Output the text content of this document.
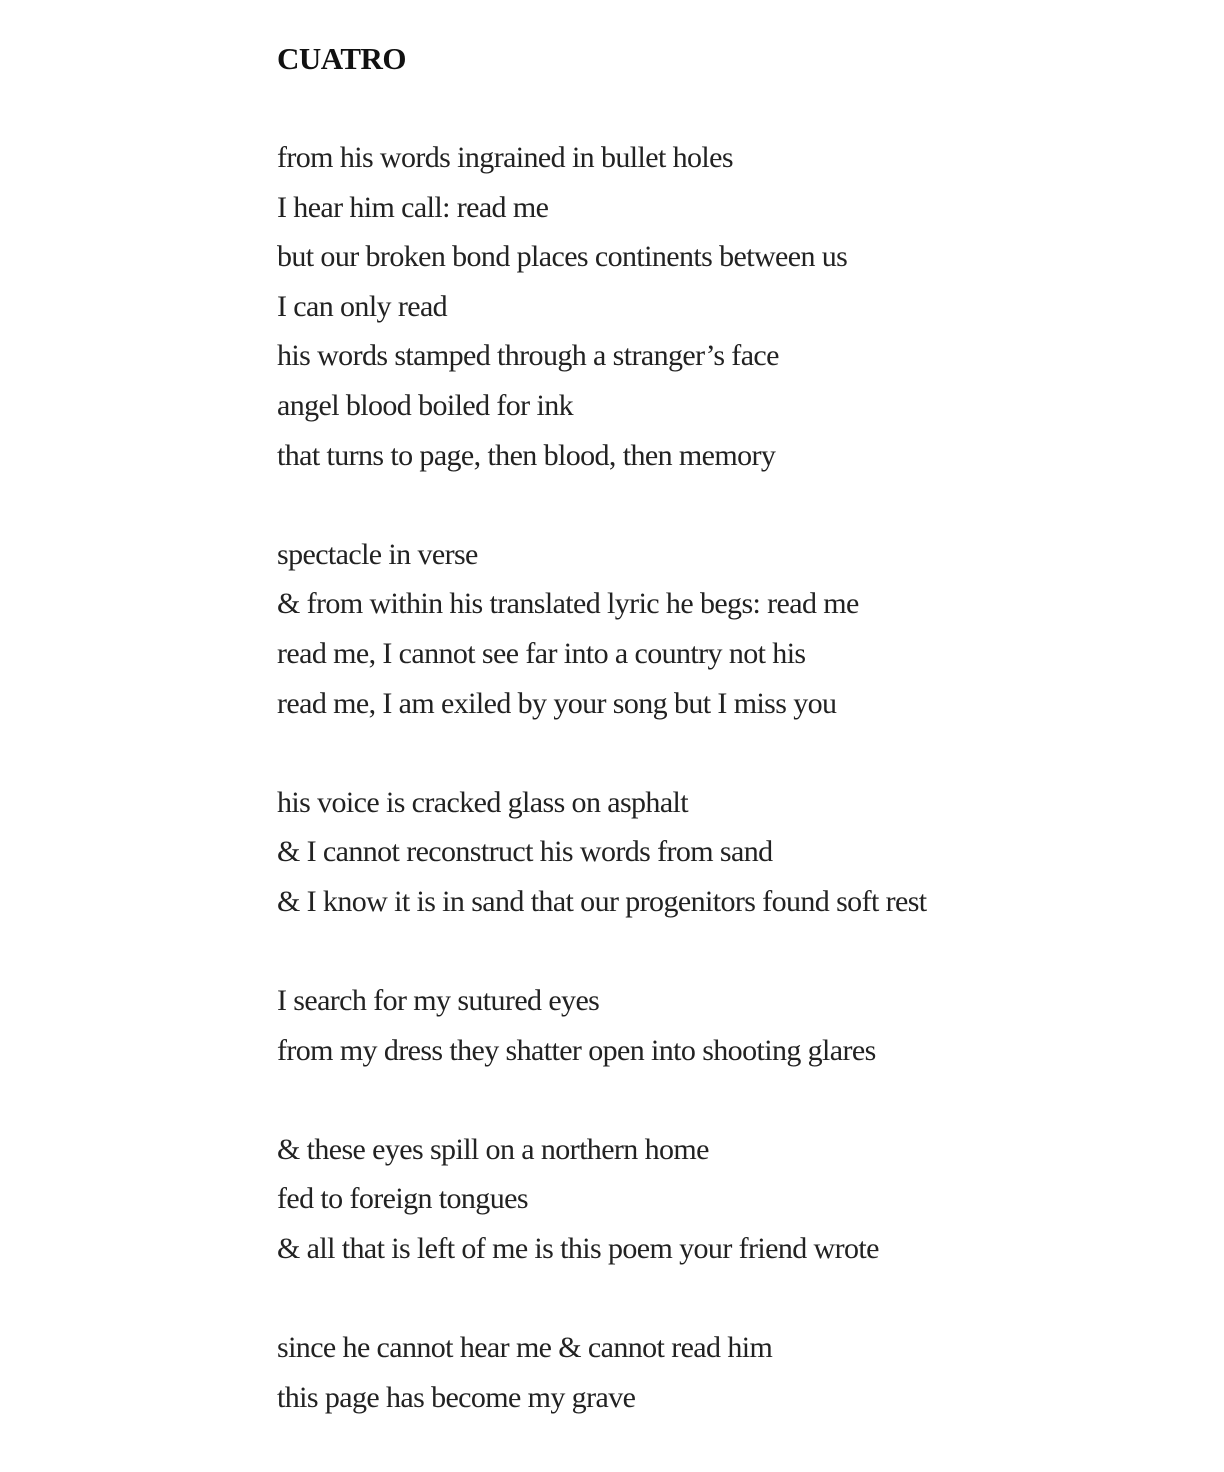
CUATRO
from his words ingrained in bullet holes
I hear him call: read me
but our broken bond places continents between us
I can only read
his words stamped through a stranger’s face
angel blood boiled for ink
that turns to page, then blood, then memory
spectacle in verse
& from within his translated lyric he begs: read me
read me, I cannot see far into a country not his
read me, I am exiled by your song but I miss you
his voice is cracked glass on asphalt
& I cannot reconstruct his words from sand
& I know it is in sand that our progenitors found soft rest
I search for my sutured eyes
from my dress they shatter open into shooting glares
& these eyes spill on a northern home
fed to foreign tongues
& all that is left of me is this poem your friend wrote
since he cannot hear me & cannot read him
this page has become my grave
